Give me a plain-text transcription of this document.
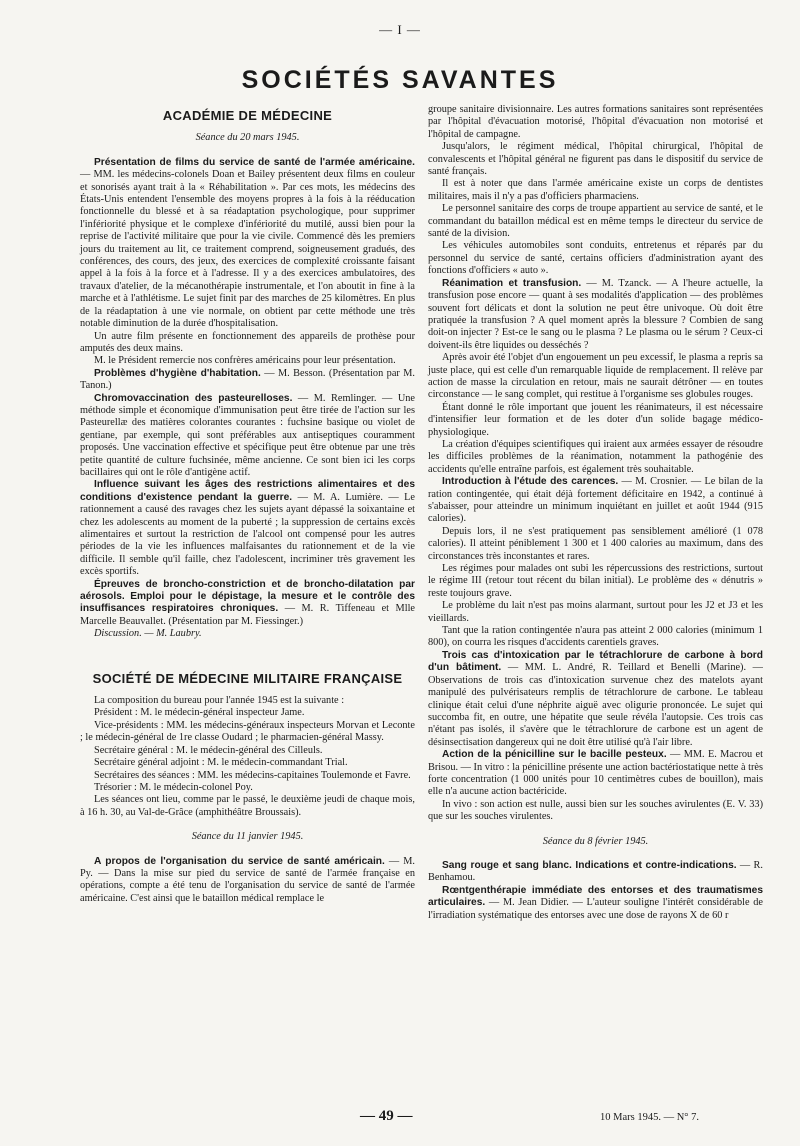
— I —
SOCIÉTÉS SAVANTES
ACADÉMIE DE MÉDECINE
Séance du 20 mars 1945.

Présentation de films du service de santé de l'armée américaine. — MM. les médecins-colonels Doan et Bailey présentent deux films en couleur et sonorisés ayant trait à la « Réhabilitation ». Par ces mots, les médecins des États-Unis entendent l'ensemble des moyens propres à la fois à la rééducation fonctionnelle du blessé et à sa réadaptation psychologique, pour supprimer l'infériorité physique et le complexe d'infériorité du mutilé, aussi bien pour la reprise de l'activité militaire que pour la vie civile. Commencé dès les premiers jours du traitement au lit, ce traitement comprend, soigneusement gradués, des conférences, des cours, des jeux, des exercices de complexité croissante faisant appel à la fois à la force et à l'adresse. Il y a des exercices ambulatoires, des travaux d'atelier, de la mécanothérapie instrumentale, et l'on aboutit in fine à la marche et à l'athlétisme. Le sujet finit par des marches de 25 kilomètres. En plus de la réadaptation à une vie normale, on obtient par cette méthode une très notable diminution de la durée d'hospitalisation.

Un autre film présente en fonctionnement des appareils de prothèse pour amputés des deux mains.

M. le Président remercie nos confrères américains pour leur présentation.

Problèmes d'hygiène d'habitation. — M. Besson. (Présentation par M. Tanon.)

Chromovaccination des pasteurelloses. — M. Remlinger. — Une méthode simple et économique d'immunisation peut être tirée de l'action sur les Pasteurellæ des matières colorantes courantes : fuchsine basique ou violet de gentiane, par exemple, qui sont préférables aux antiseptiques couramment proposés. Une vaccination effective et spécifique peut être obtenue par une très petite quantité de culture fuchsinée, même ancienne. Ce sont bien ici les corps bacillaires qui ont le rôle d'antigène actif.

Influence suivant les âges des restrictions alimentaires et des conditions d'existence pendant la guerre. — M. A. Lumière. — Le rationnement a causé des ravages chez les sujets ayant dépassé la soixantaine et chez les adolescents au moment de la puberté ; la suppression de certains excès alimentaires et surtout la restriction de l'alcool ont compensé pour les autres périodes de la vie les influences malfaisantes du rationnement et de la vie difficile. Il semble qu'il faille, chez l'adolescent, incriminer très gravement les excès sportifs.

Épreuves de broncho-constriction et de broncho-dilatation par aérosols. Emploi pour le dépistage, la mesure et le contrôle des insuffisances respiratoires chroniques. — M. R. Tiffeneau et Mlle Marcelle Beauvallet. (Présentation par M. Fiessinger.)

Discussion. — M. Laubry.

SOCIÉTÉ DE MÉDECINE MILITAIRE FRANÇAISE

La composition du bureau pour l'année 1945 est la suivante :

Président : M. le médecin-général inspecteur Jame.

Vice-présidents : MM. les médecins-généraux inspecteurs Morvan et Leconte ; le médecin-général de 1re classe Oudard ; le pharmacien-général Massy.

Secrétaire général : M. le médecin-général des Cilleuls.

Secrétaire général adjoint : M. le médecin-commandant Trial.

Secrétaires des séances : MM. les médecins-capitaines Toulemonde et Favre.

Trésorier : M. le médecin-colonel Poy.

Les séances ont lieu, comme par le passé, le deuxième jeudi de chaque mois, à 16 h. 30, au Val-de-Grâce (amphithéâtre Broussais).

Séance du 11 janvier 1945.

A propos de l'organisation du service de santé américain. — M. Py. — Dans la mise sur pied du service de santé de l'armée française en opérations, compte a été tenu de l'organisation du service de santé de l'armée américaine. C'est ainsi que le bataillon médical remplace le

groupe sanitaire divisionnaire. Les autres formations sanitaires sont représentées par l'hôpital d'évacuation motorisé, l'hôpital d'évacuation non motorisé et l'hôpital de campagne.

Jusqu'alors, le régiment médical, l'hôpital chirurgical, l'hôpital de convalescents et l'hôpital général ne figurent pas dans le dispositif du service de santé français.

Il est à noter que dans l'armée américaine existe un corps de dentistes militaires, mais il n'y a pas d'officiers pharmaciens.

Le personnel sanitaire des corps de troupe appartient au service de santé, et le commandant du bataillon médical est en même temps le directeur du service de santé de la division.

Les véhicules automobiles sont conduits, entretenus et réparés par du personnel du service de santé, certains officiers d'administration ayant des fonctions d'officiers « auto ».

Réanimation et transfusion. — M. Tzanck. — A l'heure actuelle, la transfusion pose encore — quant à ses modalités d'application — des problèmes souvent fort délicats et dont la solution ne peut être univoque. Où doit être pratiquée la transfusion ? A quel moment après la blessure ? Combien de sang doit-on injecter ? Est-ce le sang ou le plasma ? Le plasma ou le sérum ? Ceux-ci doivent-ils être liquides ou desséchés ?

Après avoir été l'objet d'un engouement un peu excessif, le plasma a repris sa juste place, qui est celle d'un remarquable liquide de remplacement. Il relève par action de masse la circulation en retour, mais ne saurait détrôner — en toutes circonstance — le sang complet, qui restitue à l'organisme ses globules rouges.

Étant donné le rôle important que jouent les réanimateurs, il est nécessaire d'intensifier leur formation et de les doter d'un solide bagage médico-physiologique.

La création d'équipes scientifiques qui iraient aux armées essayer de résoudre les difficiles problèmes de la réanimation, notamment la pathogénie des accidents qu'elle entraîne parfois, est également très souhaitable.

Introduction à l'étude des carences. — M. Crosnier. — Le bilan de la ration contingentée, qui était déjà fortement déficitaire en 1942, a continué à s'abaisser, pour atteindre un minimum inquiétant en juillet et août 1944 (915 calories).

Depuis lors, il ne s'est pratiquement pas sensiblement amélioré (1 078 calories). Il atteint péniblement 1 300 et 1 400 calories au maximum, dans des circonstances très inconstantes et rares.

Les régimes pour malades ont subi les répercussions des restrictions, surtout le régime III (retour tout récent du bilan initial). Le problème des « dénutris » reste toujours grave.

Le problème du lait n'est pas moins alarmant, surtout pour les J2 et J3 et les vieillards.

Tant que la ration contingentée n'aura pas atteint 2 000 calories (minimum 1 800), on courra les risques d'accidents carentiels graves.

Trois cas d'intoxication par le tétrachlorure de carbone à bord d'un bâtiment. — MM. L. André, R. Teillard et Benelli (Marine). — Observations de trois cas d'intoxication survenue chez des matelots ayant manipulé des pulvérisateurs remplis de tétrachlorure de carbone. Le tableau clinique était celui d'une néphrite aiguë avec oligurie prononcée. Le sujet qui succomba fit, en outre, une hépatite que seule révéla l'autopsie. Ces trois cas n'étant pas isolés, il s'avère que le tétrachlorure de carbone est un agent de désinsectisation dangereux qui ne doit être utilisé qu'à l'air libre.

Action de la pénicilline sur le bacille pesteux. — MM. E. Macrou et Brisou. — In vitro : la pénicilline présente une action bactériostatique nette à très forte concentration (1 000 unités pour 10 centimètres cubes de bouillon), mais elle n'a aucune action bactéricide.

In vivo : son action est nulle, aussi bien sur les souches avirulentes (E. V. 33) que sur les souches virulentes.

Séance du 8 février 1945.

Sang rouge et sang blanc. Indications et contre-indications. — R. Benhamou.

Rœntgenthérapie immédiate des entorses et des traumatismes articulaires. — M. Jean Didier. — L'auteur souligne l'intérêt considérable de l'irradiation systématique des entorses avec une dose de rayons X de 60 r

— 49 —	10 Mars 1945. — N° 7.
